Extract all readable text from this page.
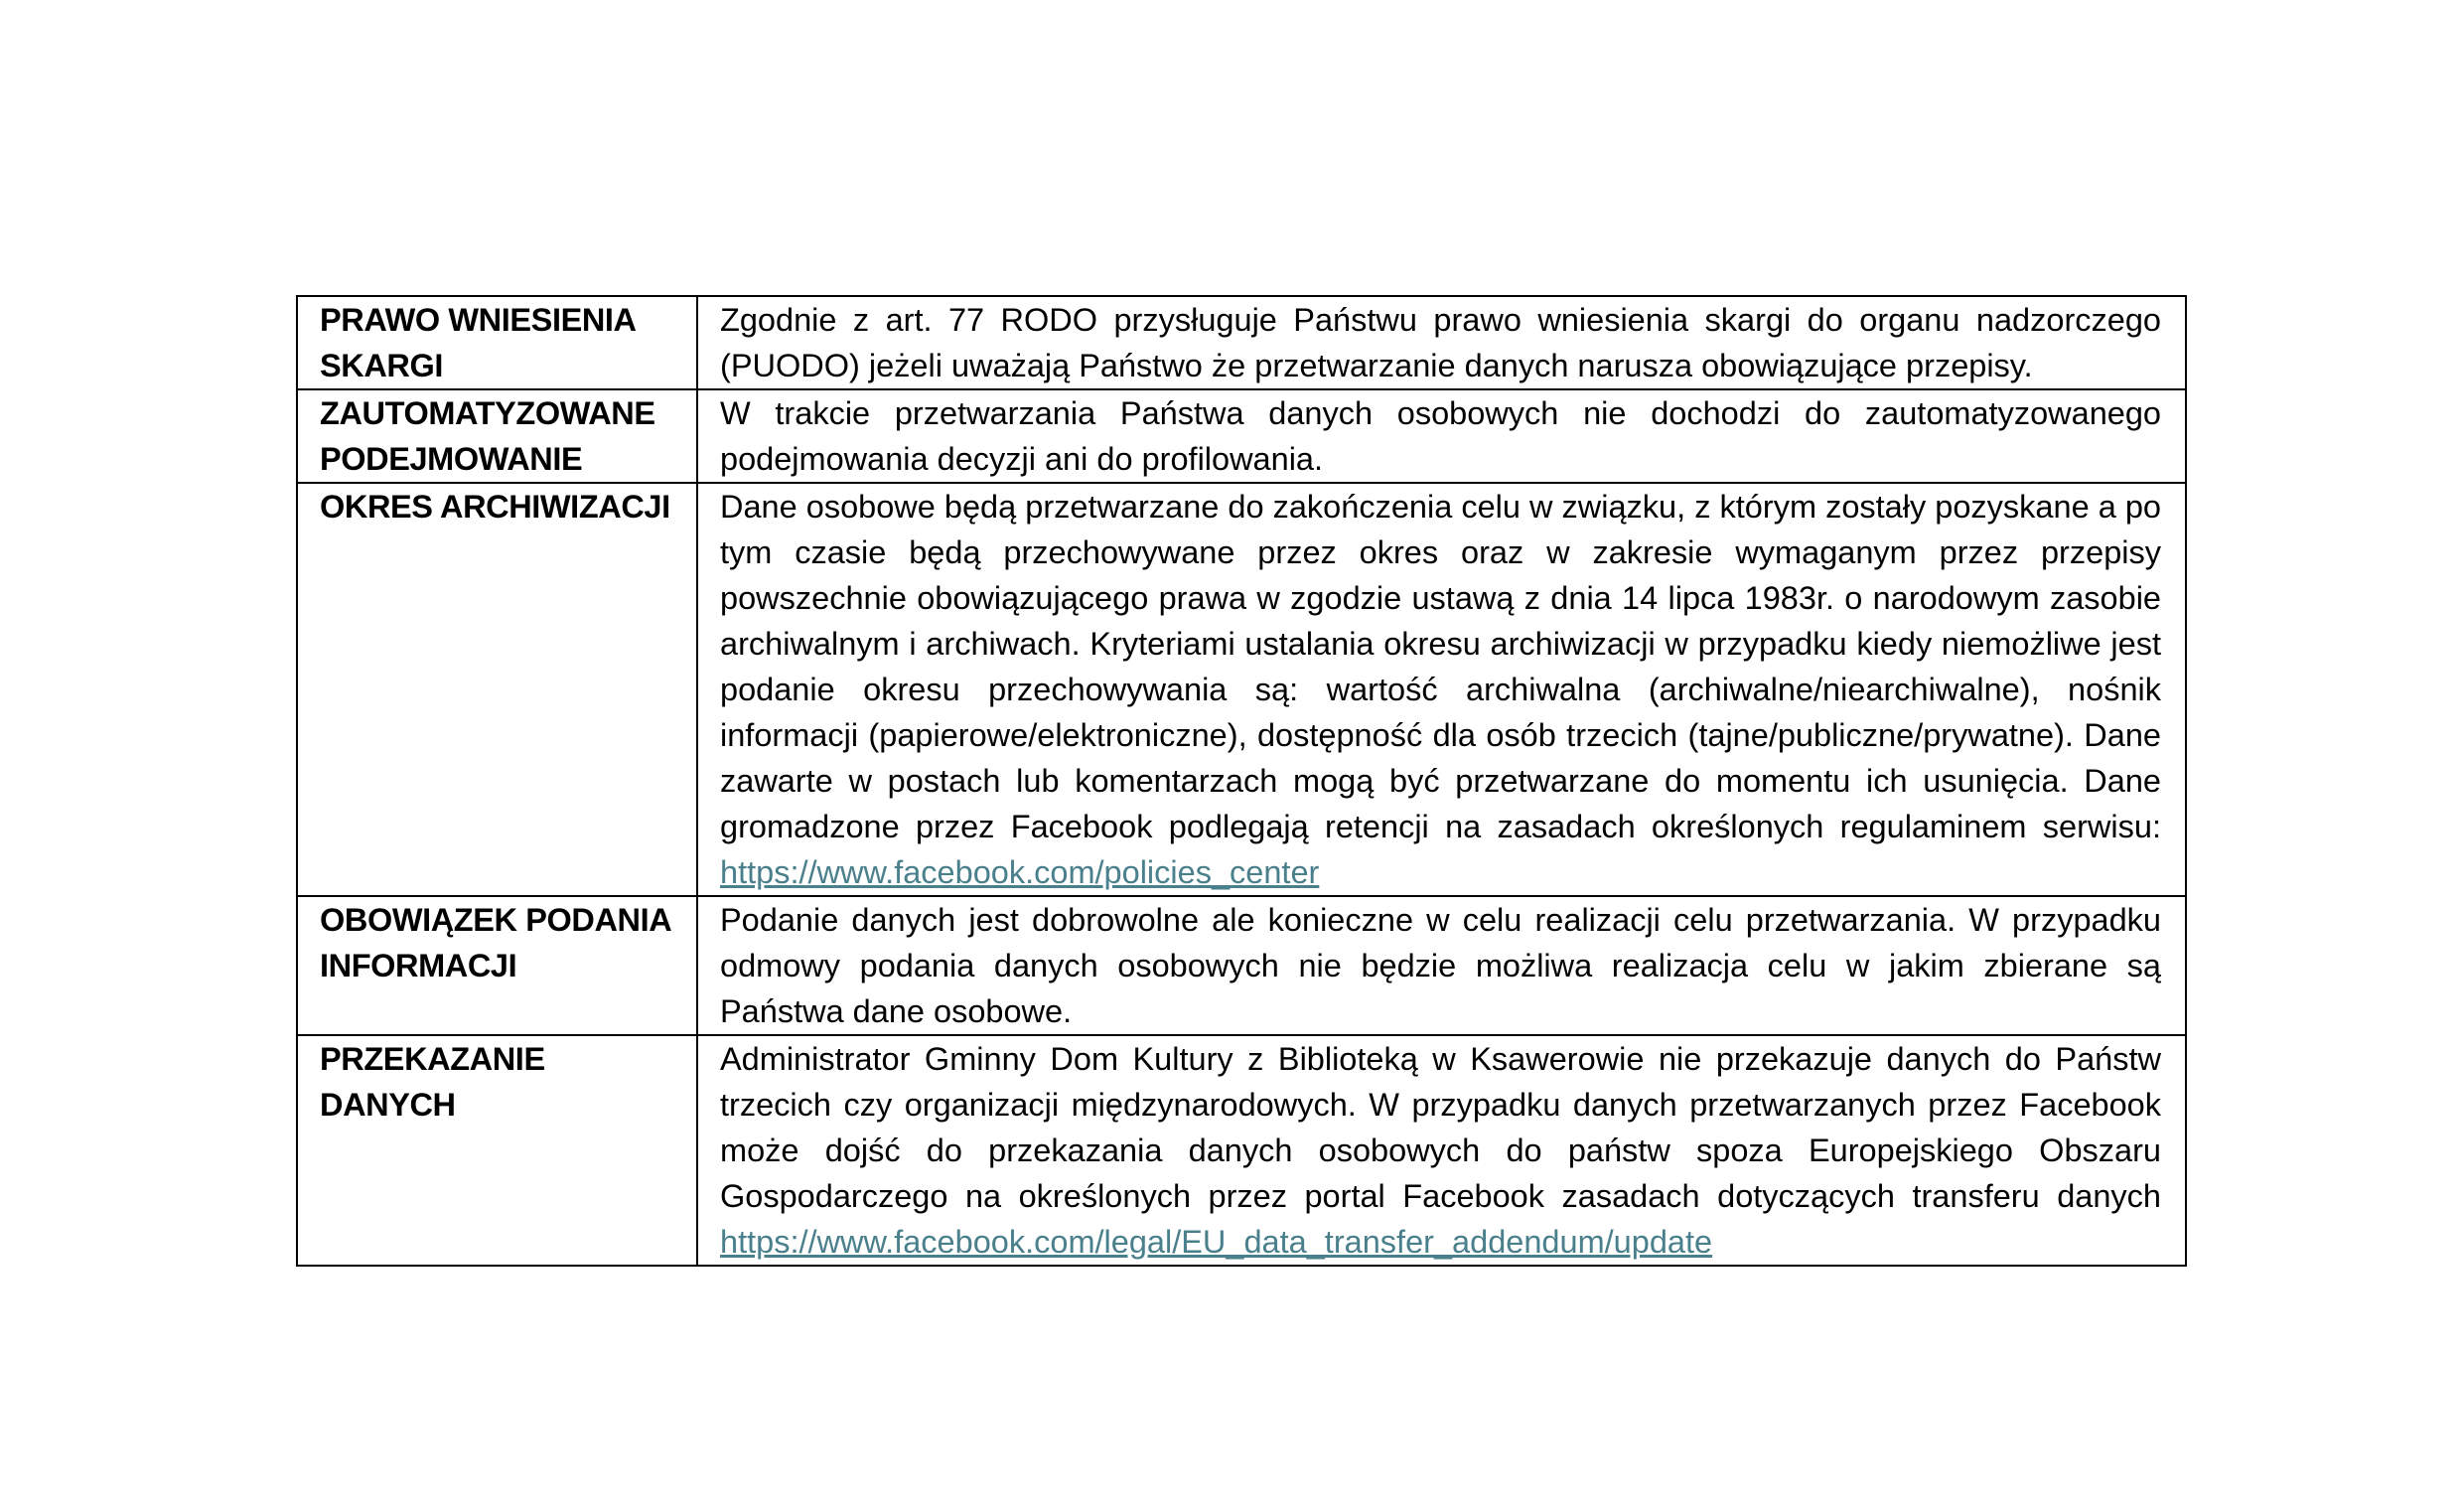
PRAWO WNIESIENIA SKARGI	Zgodnie z art. 77 RODO przysługuje Państwu prawo wniesienia skargi do organu nadzorczego (PUODO) jeżeli uważają Państwo że przetwarzanie danych narusza obowiązujące przepisy.
ZAUTOMATYZOWANE PODEJMOWANIE	W trakcie przetwarzania Państwa danych osobowych nie dochodzi do zautomatyzowanego podejmowania decyzji ani do profilowania.
OKRES ARCHIWIZACJI	Dane osobowe będą przetwarzane do zakończenia celu w związku, z którym zostały pozyskane a po tym czasie będą przechowywane przez okres oraz w zakresie wymaganym przez przepisy powszechnie obowiązującego prawa w zgodzie ustawą z dnia 14 lipca 1983r. o narodowym zasobie archiwalnym i archiwach. Kryteriami ustalania okresu archiwizacji w przypadku kiedy niemożliwe jest podanie okresu przechowywania są: wartość archiwalna (archiwalne/niearchiwalne), nośnik informacji (papierowe/elektroniczne), dostępność dla osób trzecich (tajne/publiczne/prywatne). Dane zawarte w postach lub komentarzach mogą być przetwarzane do momentu ich usunięcia. Dane gromadzone przez Facebook podlegają retencji na zasadach określonych regulaminem serwisu: https://www.facebook.com/policies_center
OBOWIĄZEK PODANIA INFORMACJI	Podanie danych jest dobrowolne ale konieczne w celu realizacji celu przetwarzania. W przypadku odmowy podania danych osobowych nie będzie możliwa realizacja celu w jakim zbierane są Państwa dane osobowe.
PRZEKAZANIE DANYCH	Administrator Gminny Dom Kultury z Biblioteką w Ksawerowie nie przekazuje danych do Państw trzecich czy organizacji międzynarodowych. W przypadku danych przetwarzanych przez Facebook może dojść do przekazania danych osobowych do państw spoza Europejskiego Obszaru Gospodarczego na określonych przez portal Facebook zasadach dotyczących transferu danych https://www.facebook.com/legal/EU_data_transfer_addendum/update
